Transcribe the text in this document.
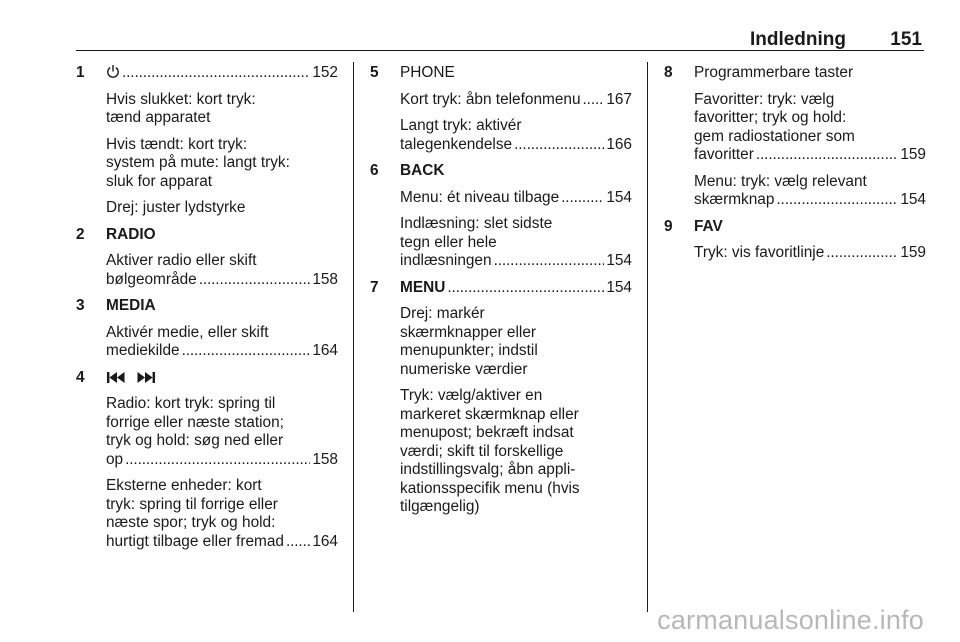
Indledning 151
1 . . .	152
Hvis slukket: kort tryk:
tænd apparatet
Hvis tændt: kort tryk:
system på mute: langt tryk:
sluk for apparat
Drej: juster lydstyrke
2 RADIO
Aktiver radio eller skift
bølgeområde . . .	158
3 MEDIA
Aktivér medie, eller skift
mediekilde . . .	164
4

Radio: kort tryk: spring til
forrige eller næste station;
tryk og hold: søg ned eller
op . . .	158
Eksterne enheder: kort
tryk: spring til forrige eller
næste spor; tryk og hold:
hurtigt tilbage eller fremad . . . 164
5 PHONE
Kort tryk: åbn telefonmenu . . . 167
Langt tryk: aktivér
talegenkendelse . . .	166
6 BACK
Menu: ét niveau tilbage . . .	154
Indlæsning: slet sidste
tegn eller hele
indlæsningen . . .	154
7 MENU . . .	154
Drej: markér
skærmknapper eller
menupunkter; indstil
numeriske værdier
Tryk: vælg/aktiver en
markeret skærmknap eller
menupost; bekræft indsat
værdi; skift til forskellige
indstillingsvalg; åbn appli-
kationsspecifik menu (hvis
tilgængelig)
8 Programmerbare taster
Favoritter: tryk: vælg
favoritter; tryk og hold:
gem radiostationer som
favoritter . . .	159
Menu: tryk: vælg relevant
skærmknap . . .	154
9 FAV
Tryk: vis favoritlinje . . .	159
carmanualsonline.info
